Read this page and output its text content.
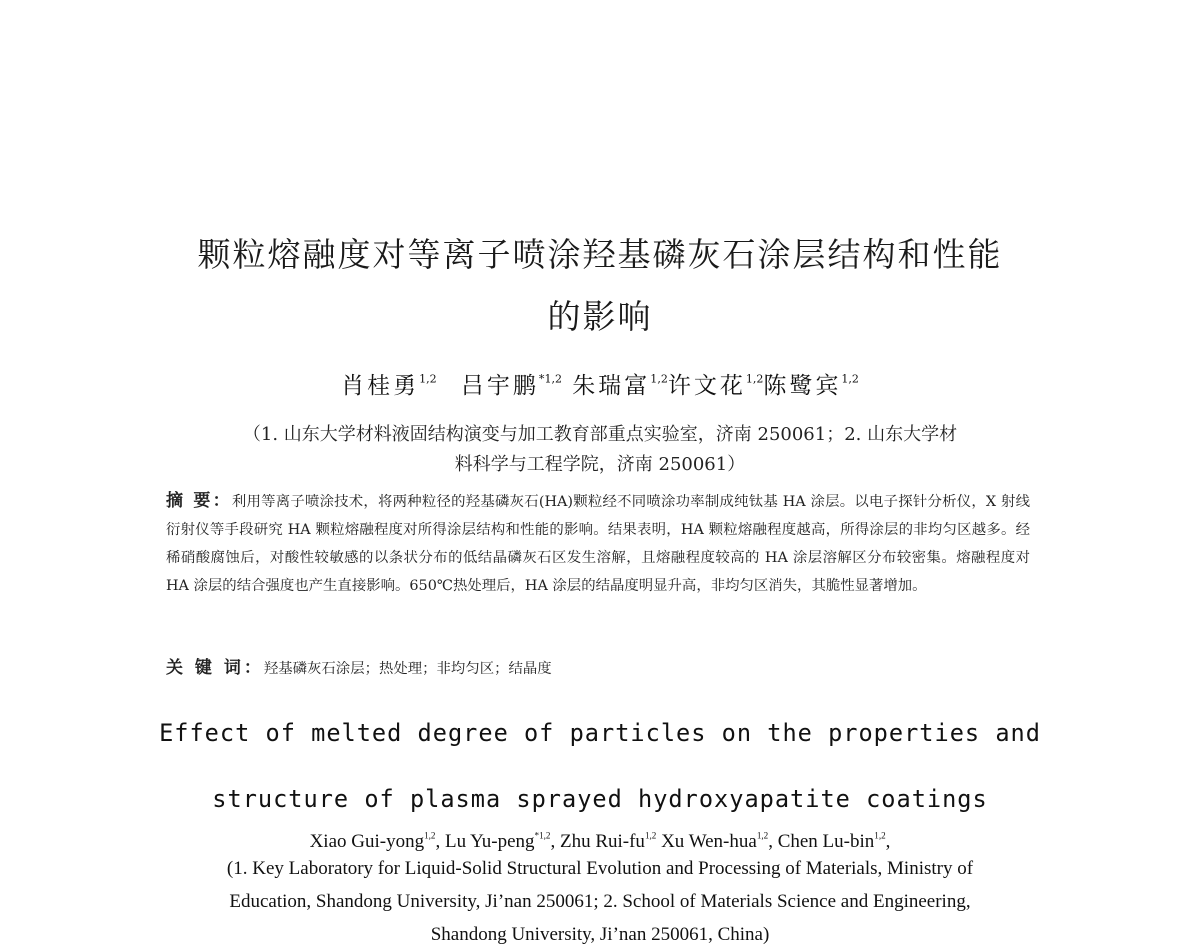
颗粒熔融度对等离子喷涂羟基磷灰石涂层结构和性能
的影响
肖桂勇$^{1,2}$ 吕宇鹏$^{*1,2}$ 朱瑞富$^{1,2}$许文花$^{1,2}$陈鹭宾$^{1,2}$
（1. 山东大学材料液固结构演变与加工教育部重点实验室，济南 250061；2. 山东大学材
料科学与工程学院，济南 250061）
摘 要：利用等离子喷涂技术，将两种粒径的羟基磷灰石(HA)颗粒经不同喷涂功率制成纯钛基 HA 涂层。以电子探针分析仪，X 射线衍射仪等手段研究 HA 颗粒熔融程度对所得涂层结构和性能的影响。结果表明，HA 颗粒熔融程度越高，所得涂层的非均匀区越多。经稀硝酸腐蚀后，对酸性较敏感的以条状分布的低结晶磷灰石区发生溶解，且熔融程度较高的 HA 涂层溶解区分布较密集。熔融程度对 HA 涂层的结合强度也产生直接影响。650℃热处理后，HA 涂层的结晶度明显升高，非均匀区消失，其脆性显著增加。
关 键 词：羟基磷灰石涂层；热处理；非均匀区；结晶度
Effect of melted degree of particles on the properties and
structure of plasma sprayed hydroxyapatite coatings
Xiao Gui-yong$^{1,2}$, Lu Yu-peng$^{*1,2}$, Zhu Rui-fu$^{1,2}$ Xu Wen-hua$^{1,2}$, Chen Lu-bin$^{1,2}$,
(1. Key Laboratory for Liquid-Solid Structural Evolution and Processing of Materials, Ministry of
Education, Shandong University, Ji’nan 250061; 2. School of Materials Science and Engineering,
Shandong University, Ji’nan 250061, China)
